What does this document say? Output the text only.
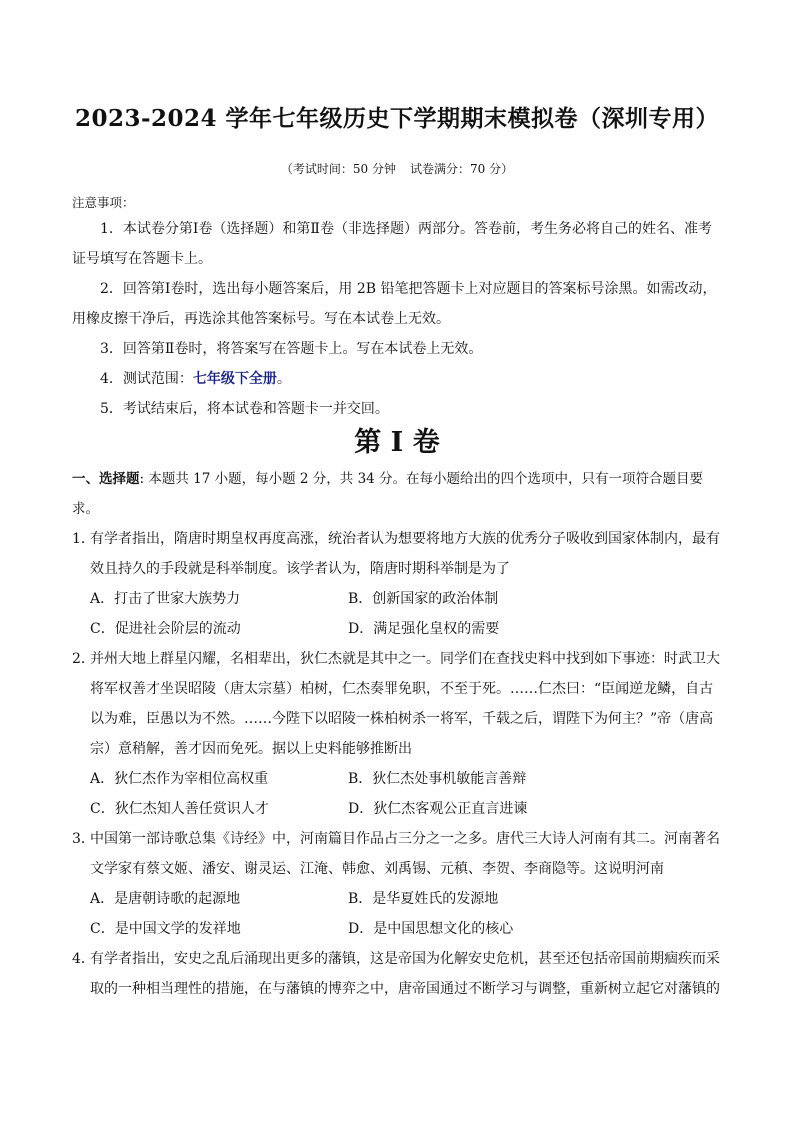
2023-2024 学年七年级历史下学期期末模拟卷（深圳专用）
（考试时间：50 分钟 试卷满分：70 分）
注意事项：

1．本试卷分第Ⅰ卷（选择题）和第Ⅱ卷（非选择题）两部分。答卷前，考生务必将自己的姓名、准考证号填写在答题卡上。

2．回答第Ⅰ卷时，选出每小题答案后，用 2B 铅笔把答题卡上对应题目的答案标号涂黑。如需改动，用橡皮擦干净后，再选涂其他答案标号。写在本试卷上无效。

3．回答第Ⅱ卷时，将答案写在答题卡上。写在本试卷上无效。

4．测试范围：七年级下全册。

5．考试结束后，将本试卷和答题卡一并交回。

第 I 卷
一、选择题: 本题共 17 小题，每小题 2 分，共 34 分。在每小题给出的四个选项中，只有一项符合题目要求。

1．
有学者指出，隋唐时期皇权再度高涨，统治者认为想要将地方大族的优秀分子吸收到国家体制内，最有效且持久的手段就是科举制度。该学者认为，隋唐时期科举制是为了

A．打击了世家大族势力	B．创新国家的政治体制
C．促进社会阶层的流动	D．满足强化皇权的需要

2．
并州大地上群星闪耀，名相辈出，狄仁杰就是其中之一。同学们在查找史料中找到如下事迹：时武卫大将军权善才坐误昭陵（唐太宗墓）柏树，仁杰奏罪免职，不至于死。……仁杰曰：“臣闻逆龙鳞，自古以为难，臣愚以为不然。……今陛下以昭陵一株柏树杀一将军，千载之后，谓陛下为何主？”帝（唐高宗）意稍解，善才因而免死。据以上史料能够推断出

A．狄仁杰作为宰相位高权重	B．狄仁杰处事机敏能言善辩
C．狄仁杰知人善任赏识人才	D．狄仁杰客观公正直言进谏

3．
中国第一部诗歌总集《诗经》中，河南篇目作品占三分之一之多。唐代三大诗人河南有其二。河南著名文学家有蔡文姬、潘安、谢灵运、江淹、韩愈、刘禹锡、元稹、李贺、李商隐等。这说明河南

A．是唐朝诗歌的起源地	B．是华夏姓氏的发源地
C．是中国文学的发祥地	D．是中国思想文化的核心

4．
有学者指出，安史之乱后涌现出更多的藩镇，这是帝国为化解安史危机，甚至还包括帝国前期痼疾而采取的一种相当理性的措施，在与藩镇的博弈之中，唐帝国通过不断学习与调整，重新树立起它对藩镇的
